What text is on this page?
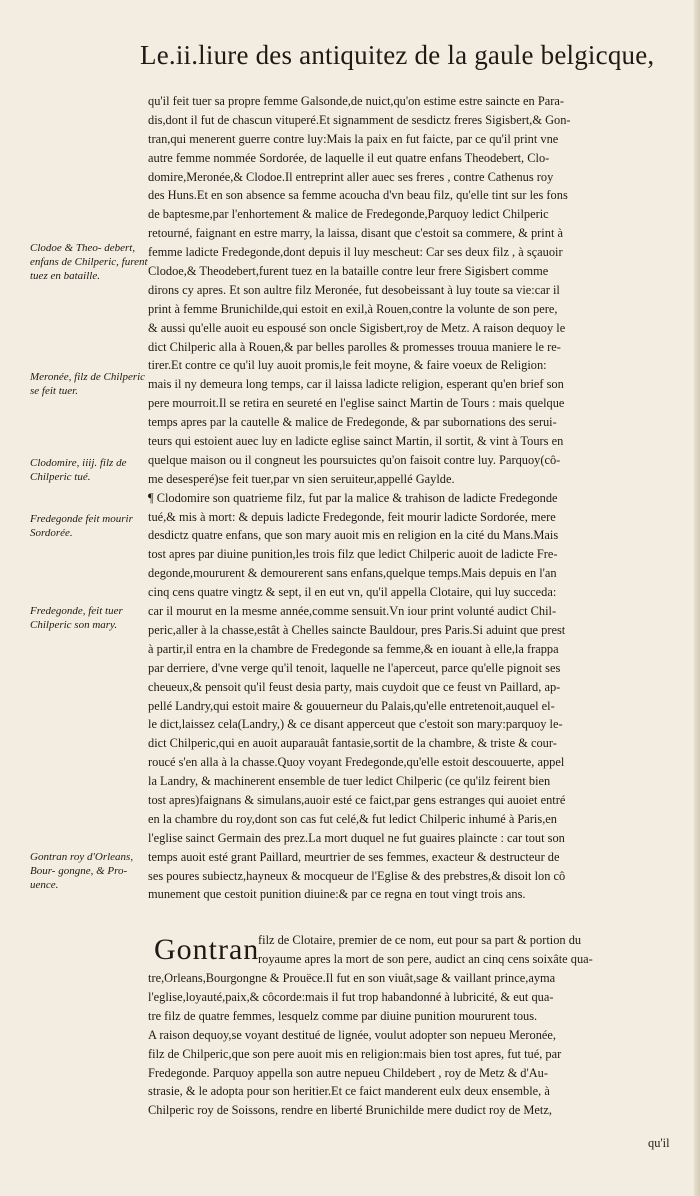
Le.ii.liure des antiquitez de la gaule belgicque,
Clodoe & Theo- debert, enfans de Chilperic, furent tuez en bataille.
Meronée, filz de Chilperic se feit tuer.
Clodomire, iiij. filz de Chilperic tué.
Fredegonde feit mourir Sordorée.
Fredegonde, feit tuer Chilperic son mary.
Gontran roy d'Orleans, Bour- gongne, & Pro- uence.
qu'il feit tuer sa propre femme Galsonde,de nuict,qu'on estime estre saincte en Para-
dis,dont il fut de chascun vituperé.Et signamment de sesdictz freres Sigisbert,& Gon-
tran,qui menerent guerre contre luy:Mais la paix en fut faicte, par ce qu'il print vne
autre femme nommée Sordorée, de laquelle il eut quatre enfans Theodebert, Clo-
domire,Meronée,& Clodoe.Il entreprint aller auec ses freres , contre Cathenus roy
des Huns.Et en son absence sa femme acoucha d'vn beau filz, qu'elle tint sur les fons
de baptesme,par l'enhortement & malice de Fredegonde,Parquoy ledict Chilperic
retourné, faignant en estre marry, la laissa, disant que c'estoit sa commere, & print à
femme ladicte Fredegonde,dont depuis il luy mescheut: Car ses deux filz , à sçauoir
Clodoe,& Theodebert,furent tuez en la bataille contre leur frere Sigisbert comme
dirons cy apres. Et son aultre filz Meronée, fut desobeissant à luy toute sa vie:car il
print à femme Brunichilde,qui estoit en exil,à Rouen,contre la volunte de son pere,
& aussi qu'elle auoit eu espousé son oncle Sigisbert,roy de Metz. A raison dequoy le
dict Chilperic alla à Rouen,& par belles parolles & promesses trouua maniere le re-
tirer.Et contre ce qu'il luy auoit promis,le feit moyne, & faire voeux de Religion:
mais il ny demeura long temps, car il laissa ladicte religion, esperant qu'en brief son
pere mourroit.Il se retira en seureté en l'eglise sainct Martin de Tours : mais quelque
temps apres par la cautelle & malice de Fredegonde, & par subornations des serui-
teurs qui estoient auec luy en ladicte eglise sainct Martin, il sortit, & vint à Tours en
quelque maison ou il congneut les poursuictes qu'on faisoit contre luy. Parquoy(cô-
me desesperé)se feit tuer,par vn sien seruiteur,appellé Gaylde.
¶ Clodomire son quatrieme filz, fut par la malice & trahison de ladicte Fredegonde
tué,& mis à mort: & depuis ladicte Fredegonde, feit mourir ladicte Sordorée, mere
desdictz quatre enfans, que son mary auoit mis en religion en la cité du Mans.Mais
tost apres par diuine punition,les trois filz que ledict Chilperic auoit de ladicte Fre-
degonde,moururent & demourerent sans enfans,quelque temps.Mais depuis en l'an
cinq cens quatre vingtz & sept, il en eut vn, qu'il appella Clotaire, qui luy succeda:
car il mourut en la mesme année,comme sensuit.Vn iour print volunté audict Chil-
peric,aller à la chasse,estât à Chelles saincte Bauldour, pres Paris.Si aduint que prest
à partir,il entra en la chambre de Fredegonde sa femme,& en iouant à elle,la frappa
par derriere, d'vne verge qu'il tenoit, laquelle ne l'aperceut, parce qu'elle pignoit ses
cheueux,& pensoit qu'il feust desia party, mais cuydoit que ce feust vn Paillard, ap-
pellé Landry,qui estoit maire & gouuerneur du Palais,qu'elle entretenoit,auquel el-
le dict,laissez cela(Landry,) & ce disant apperceut que c'estoit son mary:parquoy le-
dict Chilperic,qui en auoit auparauât fantasie,sortit de la chambre, & triste & cour-
roucé s'en alla à la chasse.Quoy voyant Fredegonde,qu'elle estoit descouuerte, appel
la Landry, & machinerent ensemble de tuer ledict Chilperic (ce qu'ilz feirent bien
tost apres)faignans & simulans,auoir esté ce faict,par gens estranges qui auoiet entré
en la chambre du roy,dont son cas fut celé,& fut ledict Chilperic inhumé à Paris,en
l'eglise sainct Germain des prez.La mort duquel ne fut guaires plaincte : car tout son
temps auoit esté grant Paillard, meurtrier de ses femmes, exacteur & destructeur de
ses poures subiectz,hayneux & mocqueur de l'Eglise & des prebstres,& disoit lon cô
munement que cestoit punition diuine:& par ce regna en tout vingt trois ans.
Gontran
filz de Clotaire, premier de ce nom, eut pour sa part & portion du
royaume apres la mort de son pere, audict an cinq cens soixâte qua-
tre,Orleans,Bourgongne & Prouëce.Il fut en son viuât,sage & vaillant prince,ayma
l'eglise,loyauté,paix,& côcorde:mais il fut trop habandonné à lubricité, & eut qua-
tre filz de quatre femmes, lesquelz comme par diuine punition moururent tous.
A raison dequoy,se voyant destitué de lignée, voulut adopter son nepueu Meronée,
filz de Chilperic,que son pere auoit mis en religion:mais bien tost apres, fut tué, par
Fredegonde. Parquoy appella son autre nepueu Childebert , roy de Metz & d'Au-
strasie, & le adopta pour son heritier.Et ce faict manderent eulx deux ensemble, à
Chilperic roy de Soissons, rendre en liberté Brunichilde mere dudict roy de Metz,
qu'il
